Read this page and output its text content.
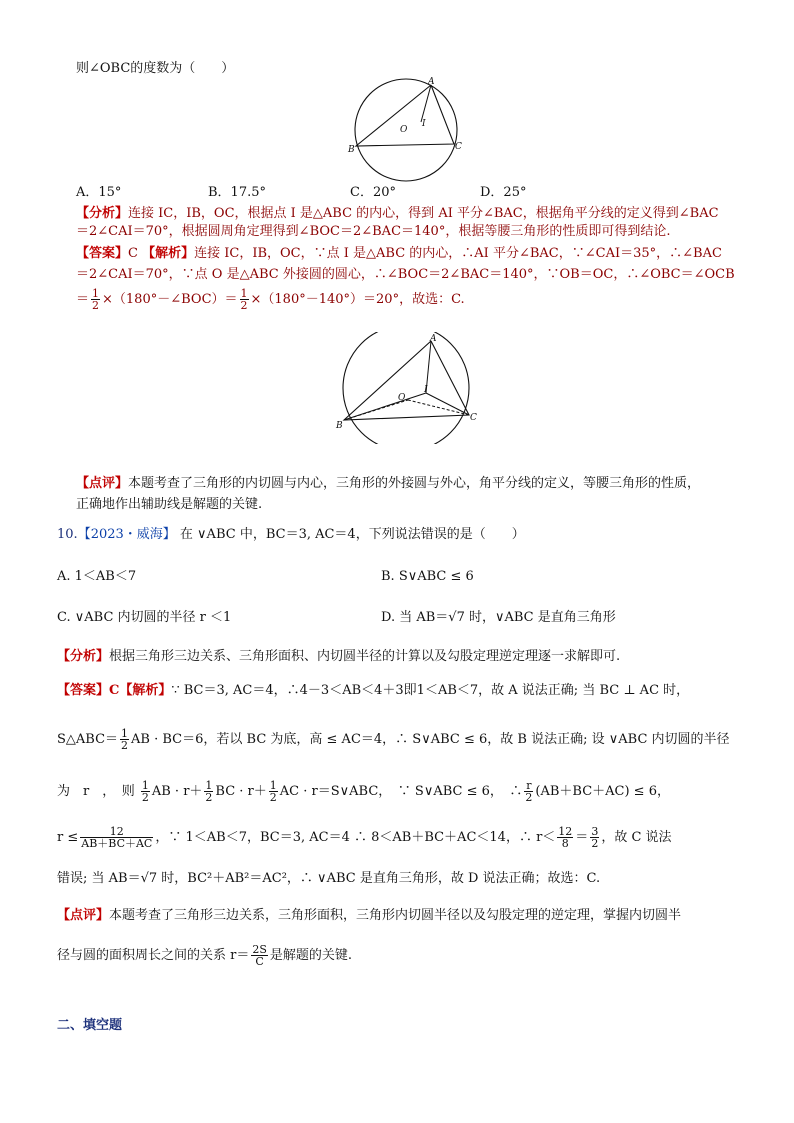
则∠OBC的度数为（　　）
A
B	C
O
I
A．15°	B．17.5°	C．20°	D．25°
【分析】连接 IC，IB，OC，根据点 I 是△ABC 的内心，得到 AI 平分∠BAC，根据角平分线的定义得到∠BAC
＝2∠CAI＝70°，根据圆周角定理得到∠BOC＝2∠BAC＝140°，根据等腰三角形的性质即可得到结论.
【答案】C 【解析】连接 IC，IB，OC，∵点 I 是△ABC 的内心，∴AI 平分∠BAC，∵∠CAI＝35°，∴∠BAC
＝2∠CAI＝70°，∵点 O 是△ABC 外接圆的圆心，∴∠BOC＝2∠BAC＝140°，∵OB＝OC，∴∠OBC＝∠OCB
＝ $\frac{1}{2}$ ×（180°－∠BOC）＝ $\frac{1}{2} \times(180^\circ-140^\circ)=20^\circ$，故选：C.
A
B
C
O
I
【点评】本题考查了三角形的内切圆与内心，三角形的外接圆与外心，角平分线的定义，等腰三角形的性质，
正确地作出辅助线是解题的关键.
10.【2023・威海】 在 ∨ABC 中，BC＝3, AC＝4，下列说法错误的是（　　）
A. 1＜AB＜7	B. S∨ABC ≤ 6
C. ∨ABC 内切圆的半径 r ＜1	D. 当 AB＝√7 时，∨ABC 是直角三角形
【分析】根据三角形三边关系、三角形面积、内切圆半径的计算以及勾股定理逆定理逐一求解即可.
【答案】C【解析】∵ BC＝3, AC＝4，∴4－3＜AB＜4＋3即1＜AB＜7，故 A 说法正确; 当 BC ⊥ AC 时，
S△ABC＝ $\frac{1}{2}$ AB · BC＝6，若以 BC 为底，高 ≤ AC＝4，∴ S∨ABC ≤ 6，故 B 说法正确; 设 ∨ABC 内切圆的半径
为　r　，　则 $\frac{1}{2}$ AB · $r+ \frac{1}{2}$ BC · $r+ \frac{1}{2}$ AC · r＝S∨ABC，　∵ S∨ABC ≤ 6，　∴ $\frac{r}{2} (AB+BC+AC) \le 6$，
$r \le \frac{12}{AB+BC+AC}$ ，∵ 1＜AB＜7，BC＝3, AC＝4 ∴ 8＜AB＋BC＋AC＜14，∴ $r< \frac{12}{8} = \frac{3}{2}$ ，故 C 说法
错误; 当 AB＝√7 时，BC²＋AB²＝AC²，∴ ∨ABC 是直角三角形，故 D 说法正确；故选：C.
【点评】本题考查了三角形三边关系，三角形面积，三角形内切圆半径以及勾股定理的逆定理，掌握内切圆半
径与圆的面积周长之间的关系 $r= \frac{2S}{C}$ 是解题的关键.
二、填空题
